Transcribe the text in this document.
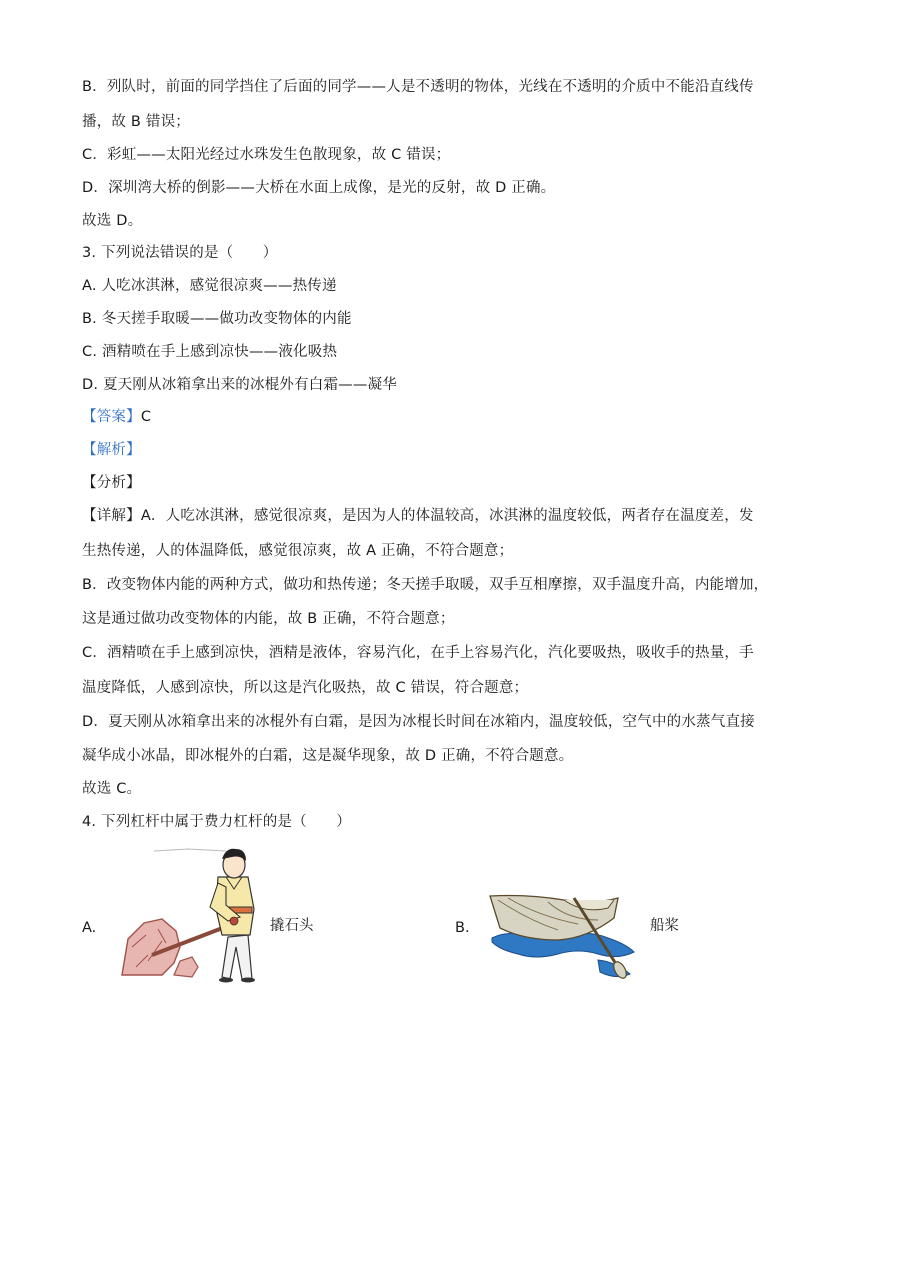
B．列队时，前面的同学挡住了后面的同学——人是不透明的物体，光线在不透明的介质中不能沿直线传
播，故 B 错误；
C．彩虹——太阳光经过水珠发生色散现象，故 C 错误；
D．深圳湾大桥的倒影——大桥在水面上成像，是光的反射，故 D 正确。
故选 D。
3. 下列说法错误的是（　　）
A. 人吃冰淇淋，感觉很凉爽——热传递
B. 冬天搓手取暖——做功改变物体的内能
C. 酒精喷在手上感到凉快——液化吸热
D. 夏天刚从冰箱拿出来的冰棍外有白霜——凝华
【答案】C
【解析】
【分析】
【详解】A．人吃冰淇淋，感觉很凉爽，是因为人的体温较高，冰淇淋的温度较低，两者存在温度差，发
生热传递，人的体温降低，感觉很凉爽，故 A 正确，不符合题意；
B．改变物体内能的两种方式，做功和热传递；冬天搓手取暖，双手互相摩擦，双手温度升高，内能增加，
这是通过做功改变物体的内能，故 B 正确，不符合题意；
C．酒精喷在手上感到凉快，酒精是液体，容易汽化，在手上容易汽化，汽化要吸热，吸收手的热量，手
温度降低，人感到凉快，所以这是汽化吸热，故 C 错误，符合题意；
D．夏天刚从冰箱拿出来的冰棍外有白霜，是因为冰棍长时间在冰箱内，温度较低，空气中的水蒸气直接
凝华成小冰晶，即冰棍外的白霜，这是凝华现象，故 D 正确，不符合题意。
故选 C。
4. 下列杠杆中属于费力杠杆的是（　　）
A.	撬石头	B.	船桨
